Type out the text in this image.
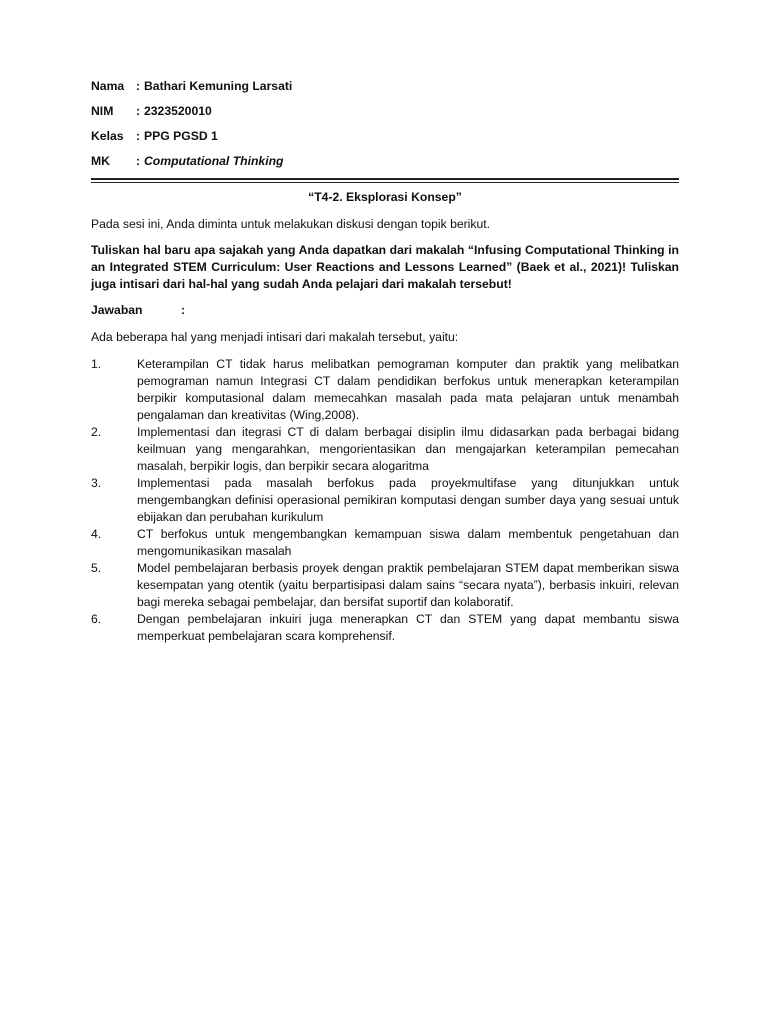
Nama : Bathari Kemuning Larsati
NIM	: 2323520010
Kelas	: PPG PGSD 1
MK	: Computational Thinking
“T4-2. Eksplorasi Konsep”

Pada sesi ini, Anda diminta untuk melakukan diskusi dengan topik berikut.

Tuliskan hal baru apa sajakah yang Anda dapatkan dari makalah “Infusing Computational Thinking in an Integrated STEM Curriculum: User Reactions and Lessons Learned” (Baek et al., 2021)! Tuliskan juga intisari dari hal-hal yang sudah Anda pelajari dari makalah tersebut!

Jawaban	:

Ada beberapa hal yang menjadi intisari dari makalah tersebut, yaitu:

1.	Keterampilan CT tidak harus melibatkan pemograman komputer dan praktik yang melibatkan pemograman namun Integrasi CT dalam pendidikan berfokus untuk menerapkan keterampilan berpikir komputasional dalam memecahkan masalah pada mata pelajaran untuk menambah pengalaman dan kreativitas (Wing,2008).
2.	Implementasi dan itegrasi CT di dalam berbagai disiplin ilmu didasarkan pada berbagai bidang keilmuan yang mengarahkan, mengorientasikan dan mengajarkan keterampilan pemecahan masalah, berpikir logis, dan berpikir secara alogaritma
3.	Implementasi pada masalah berfokus pada proyekmultifase yang ditunjukkan untuk mengembangkan definisi operasional pemikiran komputasi dengan sumber daya yang sesuai untuk ebijakan dan perubahan kurikulum
4.	CT berfokus untuk mengembangkan kemampuan siswa dalam membentuk pengetahuan dan mengomunikasikan masalah
5.	Model pembelajaran berbasis proyek dengan praktik pembelajaran STEM dapat memberikan siswa kesempatan yang otentik (yaitu berpartisipasi dalam sains “secara nyata”), berbasis inkuiri, relevan bagi mereka sebagai pembelajar, dan bersifat suportif dan kolaboratif.
6.	Dengan pembelajaran inkuiri juga menerapkan CT dan STEM yang dapat membantu siswa memperkuat pembelajaran scara komprehensif.
